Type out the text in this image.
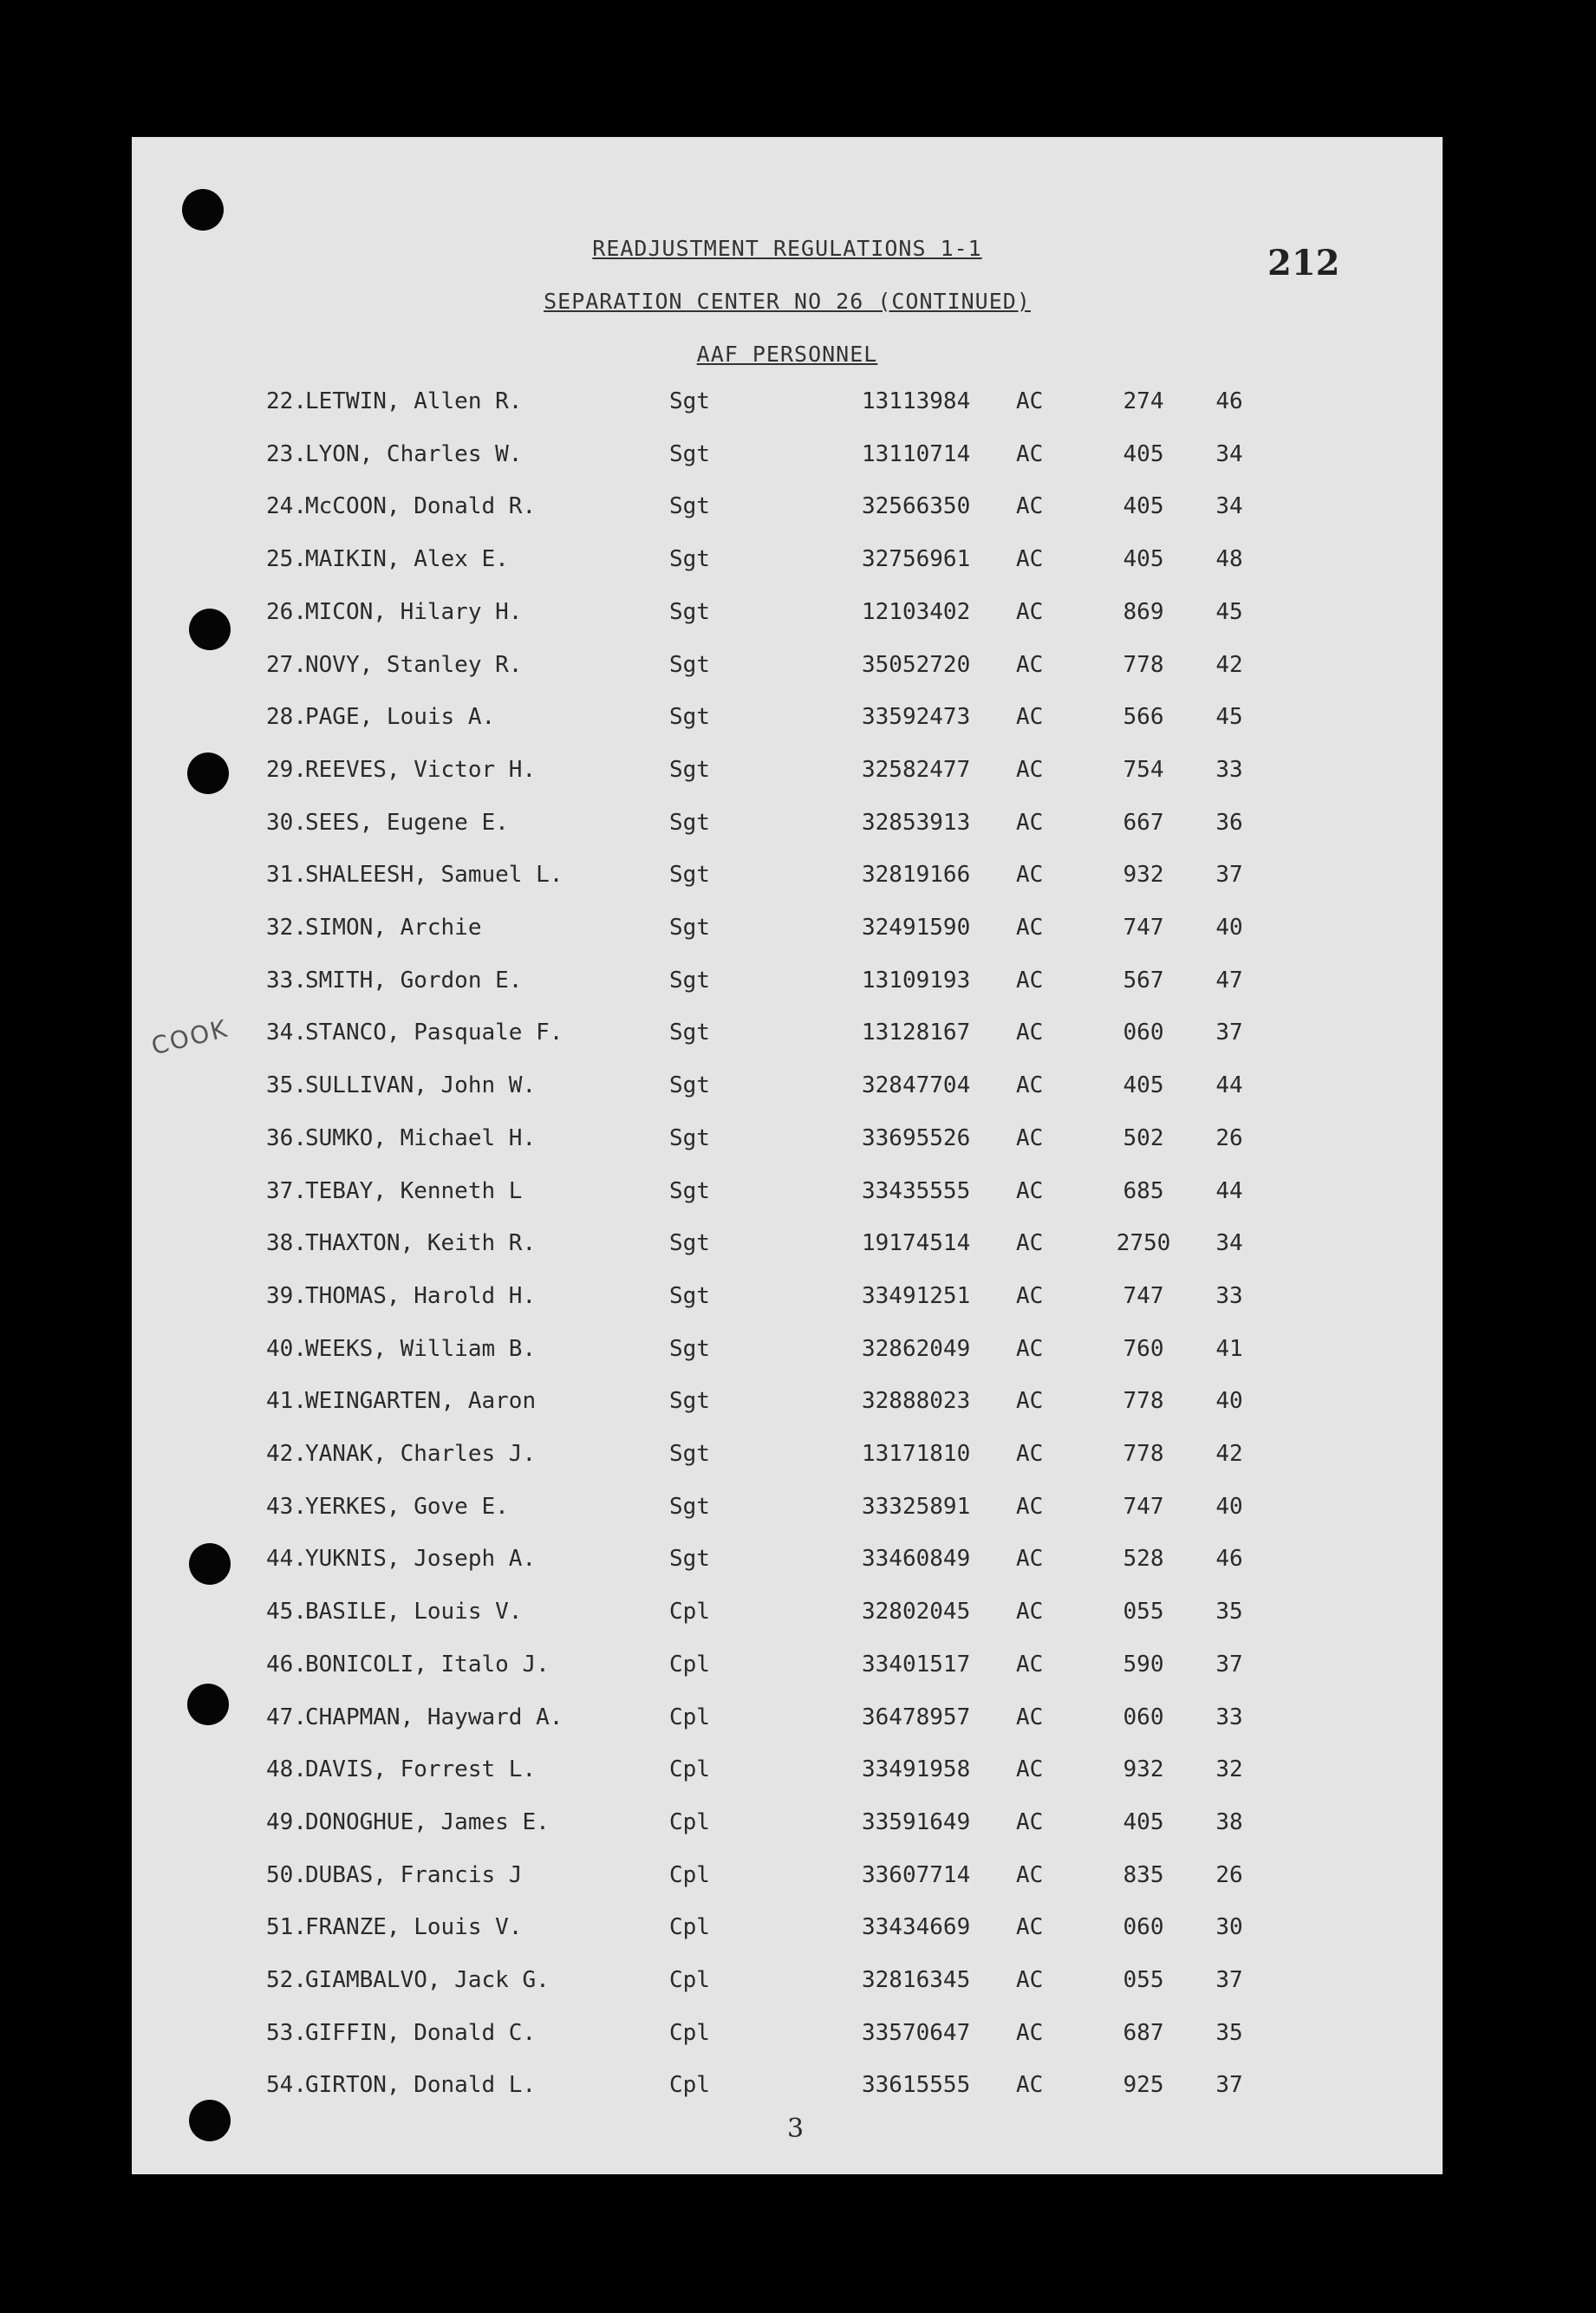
212
READJUSTMENT REGULATIONS 1-1
SEPARATION CENTER NO 26 (CONTINUED)
AAF PERSONNEL
COOK
22.
LETWIN, Allen R.	Sgt	13113984 AC	274	46
23.
LYON, Charles W.	Sgt	13110714 AC	405	34
24.
McCOON, Donald R.	Sgt	32566350 AC	405	34
25.
MAIKIN, Alex E.	Sgt	32756961 AC	405	48
26.
MICON, Hilary H.	Sgt	12103402 AC	869	45
27.
NOVY, Stanley R.	Sgt	35052720 AC	778	42
28.
PAGE, Louis A.	Sgt	33592473 AC	566	45
29.
REEVES, Victor H.	Sgt	32582477 AC	754	33
30.
SEES, Eugene E.	Sgt	32853913 AC	667	36
31.
SHALEESH, Samuel L.	Sgt	32819166 AC	932	37
32.
SIMON, Archie	Sgt	32491590 AC	747	40
33.
SMITH, Gordon E.	Sgt	13109193 AC	567	47
34.
STANCO, Pasquale F.	Sgt	13128167 AC	060	37
35.
SULLIVAN, John W.	Sgt	32847704 AC	405	44
36.
SUMKO, Michael H.	Sgt	33695526 AC	502	26
37.
TEBAY, Kenneth L	Sgt	33435555 AC	685	44
38.
THAXTON, Keith R.	Sgt	19174514 AC	2750	34
39.
THOMAS, Harold H.	Sgt	33491251 AC	747	33
40.
WEEKS, William B.	Sgt	32862049 AC	760	41
41.
WEINGARTEN, Aaron	Sgt	32888023 AC	778	40
42.
YANAK, Charles J.	Sgt	13171810 AC	778	42
43.
YERKES, Gove E.	Sgt	33325891 AC	747	40
44.
YUKNIS, Joseph A.	Sgt	33460849 AC	528	46
45.
BASILE, Louis V.	Cpl	32802045 AC	055	35
46.
BONICOLI, Italo J.	Cpl	33401517 AC	590	37
47.
CHAPMAN, Hayward A.	Cpl	36478957 AC	060	33
48.
DAVIS, Forrest L.	Cpl	33491958 AC	932	32
49.
DONOGHUE, James E.	Cpl	33591649 AC	405	38
50.
DUBAS, Francis J	Cpl	33607714 AC	835	26
51.
FRANZE, Louis V.	Cpl	33434669 AC	060	30
52.
GIAMBALVO, Jack G.	Cpl	32816345 AC	055	37
53.
GIFFIN, Donald C.	Cpl	33570647 AC	687	35
54.
GIRTON, Donald L.	Cpl	33615555 AC	925	37
3
